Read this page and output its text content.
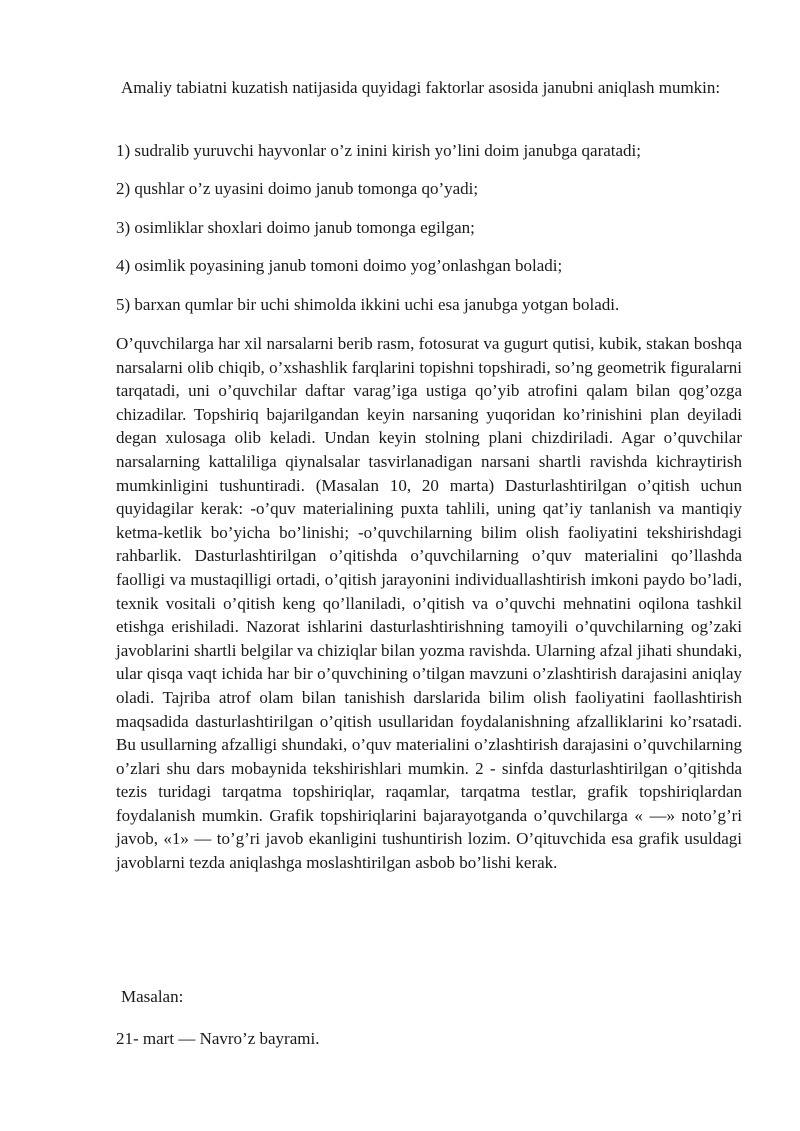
Amaliy tabiatni kuzatish natijasida quyidagi faktorlar asosida janubni aniqlash mumkin:

1) sudralib yuruvchi hayvonlar o’z inini kirish yo’lini doim janubga qaratadi;

2) qushlar o’z uyasini doimo janub tomonga qo’yadi;

3) osimliklar shoxlari doimo janub tomonga egilgan;

4) osimlik poyasining janub tomoni doimo yog’onlashgan boladi;

5) barxan qumlar bir uchi shimolda ikkini uchi esa janubga yotgan boladi.

O’quvchilarga har xil narsalarni berib rasm, fotosurat va gugurt qutisi, kubik, stakan boshqa narsalarni olib chiqib, o’xshashlik farqlarini topishni topshiradi, so’ng geometrik figuralarni tarqatadi, uni o’quvchilar daftar varag’iga ustiga qo’yib atrofini qalam bilan qog’ozga chizadilar. Topshiriq bajarilgandan keyin narsaning yuqoridan ko’rinishini plan deyiladi degan xulosaga olib keladi. Undan keyin stolning plani chizdiriladi. Agar o’quvchilar narsalarning kattaliliga qiynalsalar tasvirlanadigan narsani shartli ravishda kichraytirish mumkinligini tushuntiradi. (Masalan 10, 20 marta) Dasturlashtirilgan o’qitish uchun quyidagilar kerak: -o’quv materialining puxta tahlili, uning qat’iy tanlanish va mantiqiy ketma-ketlik bo’yicha bo’linishi; -o’quvchilarning bilim olish faoliyatini tekshirishdagi rahbarlik. Dasturlashtirilgan o’qitishda o’quvchilarning o’quv materialini qo’llashda faolligi va mustaqilligi ortadi, o’qitish jarayonini individuallashtirish imkoni paydo bo’ladi, texnik vositali o’qitish keng qo’llaniladi, o’qitish va o’quvchi mehnatini oqilona tashkil etishga erishiladi. Nazorat ishlarini dasturlashtirishning tamoyili o’quvchilarning og’zaki javoblarini shartli belgilar va chiziqlar bilan yozma ravishda. Ularning afzal jihati shundaki, ular qisqa vaqt ichida har bir o’quvchining o’tilgan mavzuni o’zlashtirish darajasini aniqlay oladi. Tajriba atrof olam bilan tanishish darslarida bilim olish faoliyatini faollashtirish maqsadida dasturlashtirilgan o’qitish usullaridan foydalanishning afzalliklarini ko’rsatadi. Bu usullarning afzalligi shundaki, o’quv materialini o’zlashtirish darajasini o’quvchilarning o’zlari shu dars mobaynida tekshirishlari mumkin. 2 - sinfda dasturlashtirilgan o’qitishda tezis turidagi tarqatma topshiriqlar, raqamlar, tarqatma testlar, grafik topshiriqlardan foydalanish mumkin. Grafik topshiriqlarini bajarayotganda o’quvchilarga « —» noto’g’ri javob, «1» — to’g’ri javob ekanligini tushuntirish lozim. O’qituvchida esa grafik usuldagi javoblarni tezda aniqlashga moslashtirilgan asbob bo’lishi kerak.

Masalan:

21- mart — Navro’z bayrami.
